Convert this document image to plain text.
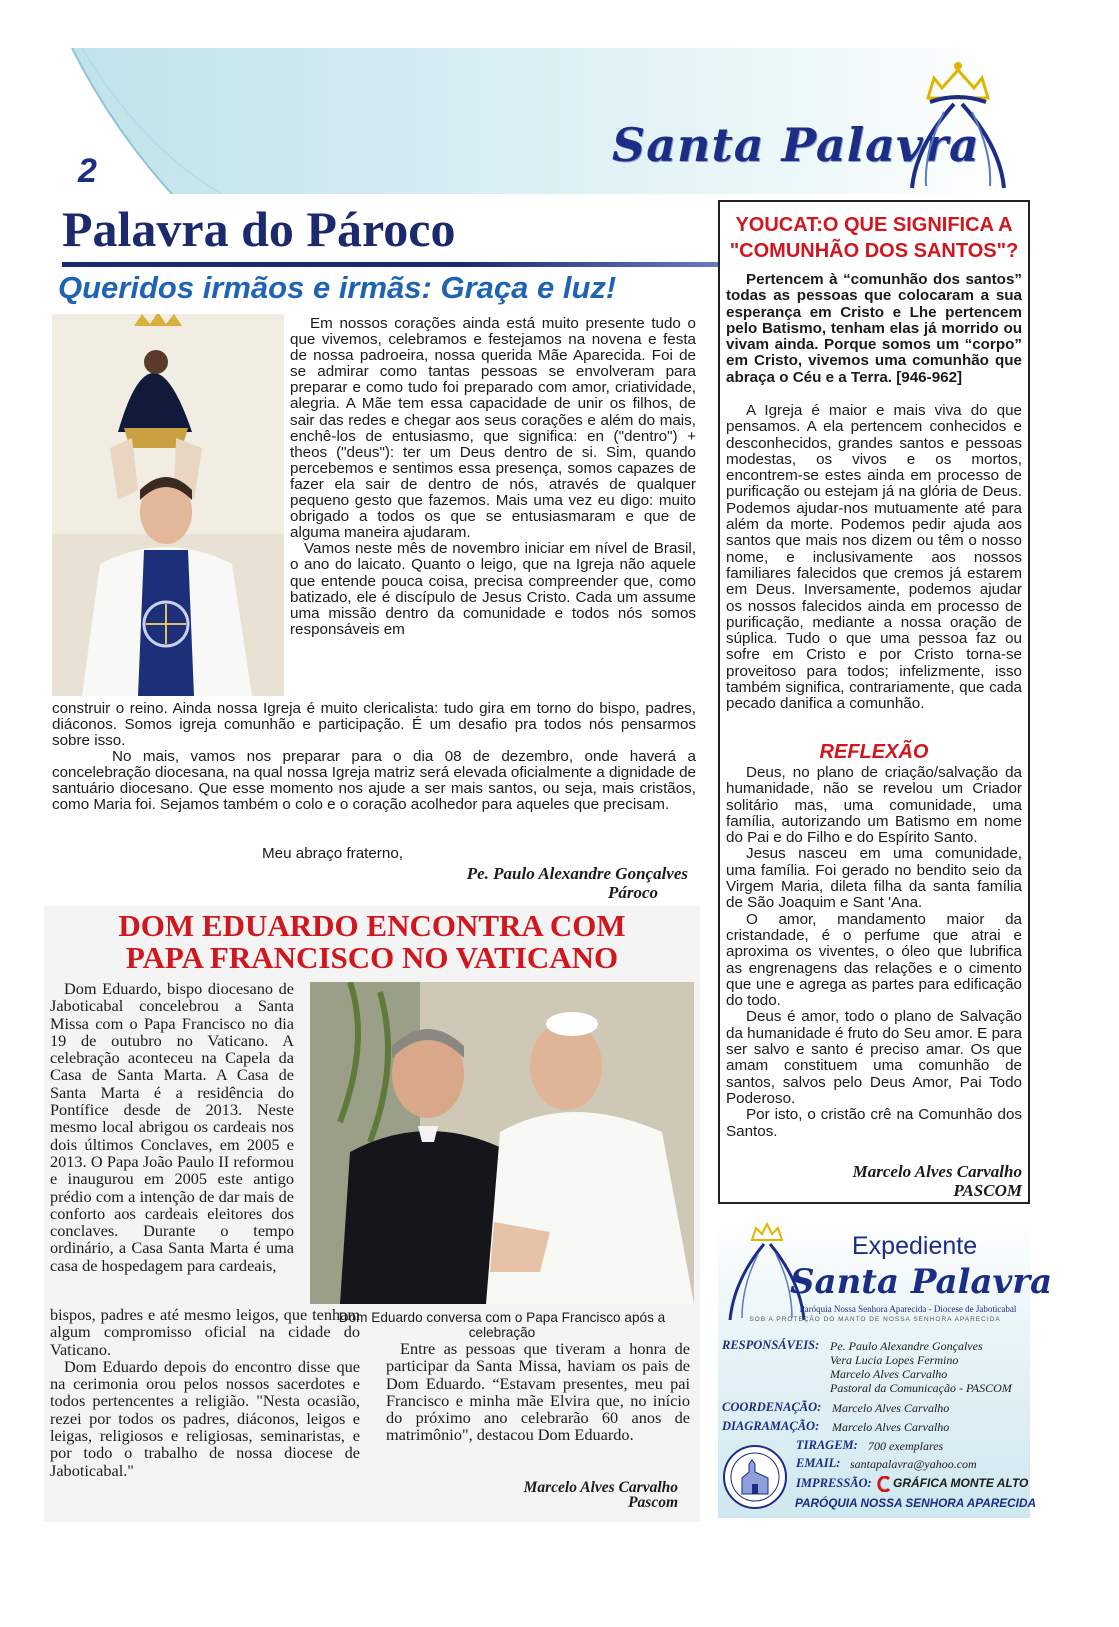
2	Santa Palavra
Palavra do Pároco
Queridos irmãos e irmãs: Graça e luz!
Em nossos corações ainda está muito presente tudo o que vivemos, celebramos e festejamos na novena e festa de nossa padroeira, nossa querida Mãe Aparecida. Foi de se admirar como tantas pessoas se envolveram para preparar e como tudo foi preparado com amor, criatividade, alegria. A Mãe tem essa capacidade de unir os filhos, de sair das redes e chegar aos seus corações e além do mais, enchê-los de entusiasmo, que significa: en ("dentro") + theos ("deus"): ter um Deus dentro de si. Sim, quando percebemos e sentimos essa presença, somos capazes de fazer ela sair de dentro de nós, através de qualquer pequeno gesto que fazemos. Mais uma vez eu digo: muito obrigado a todos os que se entusiasmaram e que de alguma maneira ajudaram.
Vamos neste mês de novembro iniciar em nível de Brasil, o ano do laicato. Quanto o leigo, que na Igreja não aquele que entende pouca coisa, precisa compreender que, como batizado, ele é discípulo de Jesus Cristo. Cada um assume uma missão dentro da comunidade e todos nós somos responsáveis em
construir o reino. Ainda nossa Igreja é muito clericalista: tudo gira em torno do bispo, padres, diáconos. Somos igreja comunhão e participação. É um desafio pra todos nós pensarmos sobre isso.
No mais, vamos nos preparar para o dia 08 de dezembro, onde haverá a concelebração diocesana, na qual nossa Igreja matriz será elevada oficialmente a dignidade de santuário diocesano. Que esse momento nos ajude a ser mais santos, ou seja, mais cristãos, como Maria foi. Sejamos também o colo e o coração acolhedor para aqueles que precisam.
Meu abraço fraterno,
Pe. Paulo Alexandre Gonçalves
Pároco
DOM EDUARDO ENCONTRA COM
PAPA FRANCISCO NO VATICANO
Dom Eduardo, bispo diocesano de Jaboticabal concelebrou a Santa Missa com o Papa Francisco no dia 19 de outubro no Vaticano. A celebração aconteceu na Capela da Casa de Santa Marta. A Casa de Santa Marta é a residência do Pontífice desde de 2013. Neste mesmo local abrigou os cardeais nos dois últimos Conclaves, em 2005 e 2013. O Papa João Paulo II reformou e inaugurou em 2005 este antigo prédio com a intenção de dar mais de conforto aos cardeais eleitores dos conclaves. Durante o tempo ordinário, a Casa Santa Marta é uma casa de hospedagem para cardeais,
bispos, padres e até mesmo leigos, que tenham algum compromisso oficial na cidade do Vaticano.
Dom Eduardo depois do encontro disse que na cerimonia orou pelos nossos sacerdotes e todos pertencentes a religião. "Nesta ocasião, rezei por todos os padres, diáconos, leigos e leigas, religiosos e religiosas, seminaristas, e por todo o trabalho de nossa diocese de Jaboticabal."
Dom Eduardo conversa com o Papa Francisco após a celebração
Entre as pessoas que tiveram a honra de participar da Santa Missa, haviam os pais de Dom Eduardo. “Estavam presentes, meu pai Francisco e minha mãe Elvira que, no início do próximo ano celebrarão 60 anos de matrimônio", destacou Dom Eduardo.
Marcelo Alves Carvalho
Pascom
YOUCAT:O QUE SIGNIFICA A
"COMUNHÃO DOS SANTOS"?
Pertencem à “comunhão dos santos” todas as pessoas que colocaram a sua esperança em Cristo e Lhe pertencem pelo Batismo, tenham elas já morrido ou vivam ainda. Porque somos um “corpo” em Cristo, vivemos uma comunhão que abraça o Céu e a Terra. [946-962]
A Igreja é maior e mais viva do que pensamos. A ela pertencem conhecidos e desconhecidos, grandes santos e pessoas modestas, os vivos e os mortos, encontrem-se estes ainda em processo de purificação ou estejam já na glória de Deus. Podemos ajudar-nos mutuamente até para além da morte. Podemos pedir ajuda aos santos que mais nos dizem ou têm o nosso nome, e inclusivamente aos nossos familiares falecidos que cremos já estarem em Deus. Inversamente, podemos ajudar os nossos falecidos ainda em processo de purificação, mediante a nossa oração de súplica. Tudo o que uma pessoa faz ou sofre em Cristo e por Cristo torna-se proveitoso para todos; infelizmente, isso também significa, contrariamente, que cada pecado danifica a comunhão.
REFLEXÃO
Deus, no plano de criação/salvação da humanidade, não se revelou um Criador solitário mas, uma comunidade, uma família, autorizando um Batismo em nome do Pai e do Filho e do Espírito Santo.
Jesus nasceu em uma comunidade, uma família. Foi gerado no bendito seio da Virgem Maria, dileta filha da santa família de São Joaquim e Sant 'Ana.
O amor, mandamento maior da cristandade, é o perfume que atrai e aproxima os viventes, o óleo que lubrifica as engrenagens das relações e o cimento que une e agrega as partes para edificação do todo.
Deus é amor, todo o plano de Salvação da humanidade é fruto do Seu amor. E para ser salvo e santo é preciso amar. Os que amam constituem uma comunhão de santos, salvos pelo Deus Amor, Pai Todo Poderoso.
Por isto, o cristão crê na Comunhão dos Santos.
Marcelo Alves Carvalho
PASCOM
Expediente
Santa Palavra
Paróquia Nossa Senhora Aparecida - Diocese de Jaboticabal
SOB A PROTEÇÃO DO MANTO DE NOSSA SENHORA APARECIDA
RESPONSÁVEIS: Pe. Paulo Alexandre Gonçalves
Vera Lucia Lopes Fermino
Marcelo Alves Carvalho
Pastoral da Comunicação - PASCOM
COORDENAÇÃO: Marcelo Alves Carvalho
DIAGRAMAÇÃO: Marcelo Alves Carvalho
TIRAGEM: 700 exemplares
EMAIL: santapalavra@yahoo.com
IMPRESSÃO: GRÁFICA MONTE ALTO
PARÓQUIA NOSSA SENHORA APARECIDA
